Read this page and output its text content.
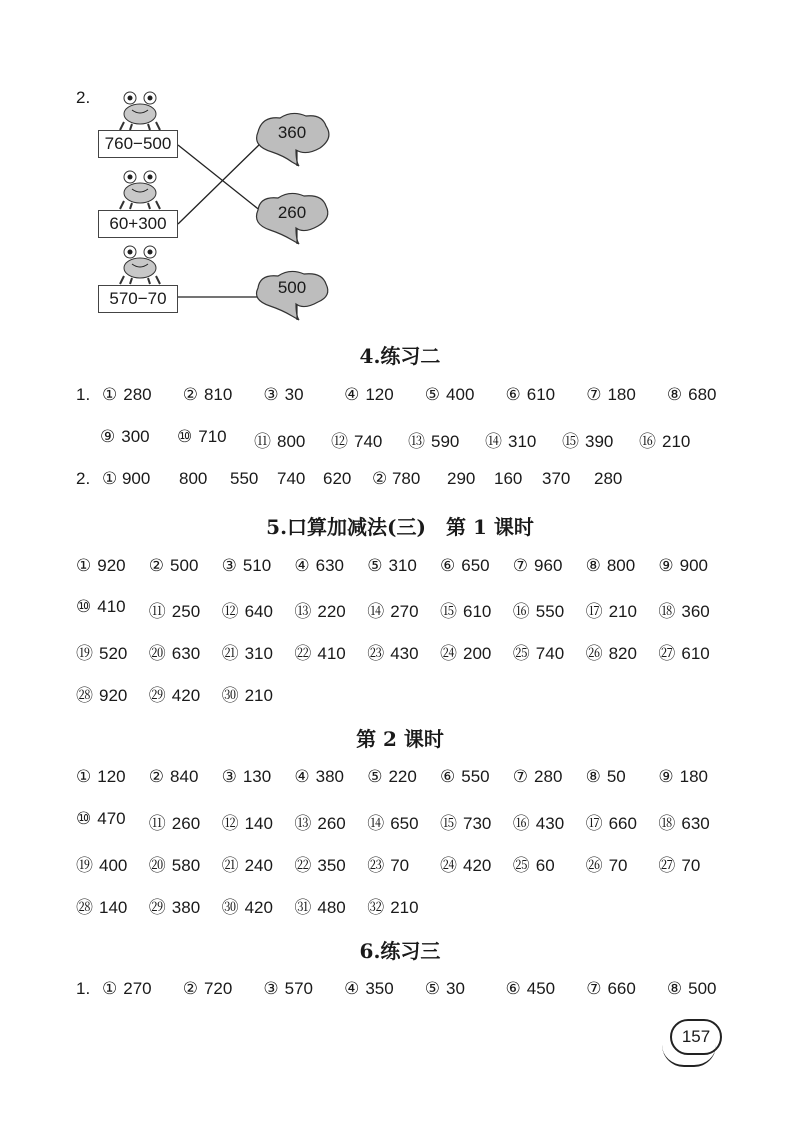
2.
760−500
60+300
570−70
360
260
500
4.练习二
1. ① 280 ② 810 ③ 30 ④ 120 ⑤ 400 ⑥ 610 ⑦ 180 ⑧ 680
⑨ 300 ⑩ 710 ⑪ 800 ⑫ 740 ⑬ 590 ⑭ 310 ⑮ 390 ⑯ 210
2. ① 900 800 550 740 620 ② 780 290 160 370 280
5.口算加减法(三)　第 1 课时
① 920 ② 500 ③ 510 ④ 630 ⑤ 310 ⑥ 650 ⑦ 960 ⑧ 800 ⑨ 900
⑩ 410 ⑪ 250 ⑫ 640 ⑬ 220 ⑭ 270 ⑮ 610 ⑯ 550 ⑰ 210 ⑱ 360
⑲ 520 ⑳ 630 ㉑ 310 ㉒ 410 ㉓ 430 ㉔ 200 ㉕ 740 ㉖ 820 ㉗ 610
㉘ 920 ㉙ 420 ㉚ 210
第 2 课时
① 120 ② 840 ③ 130 ④ 380 ⑤ 220 ⑥ 550 ⑦ 280 ⑧ 50 ⑨ 180
⑩ 470 ⑪ 260 ⑫ 140 ⑬ 260 ⑭ 650 ⑮ 730 ⑯ 430 ⑰ 660 ⑱ 630
⑲ 400 ⑳ 580 ㉑ 240 ㉒ 350 ㉓ 70 ㉔ 420 ㉕ 60 ㉖ 70 ㉗ 70
㉘ 140 ㉙ 380 ㉚ 420 ㉛ 480 ㉜ 210
6.练习三
1. ① 270 ② 720 ③ 570 ④ 350 ⑤ 30 ⑥ 450 ⑦ 660 ⑧ 500
157
